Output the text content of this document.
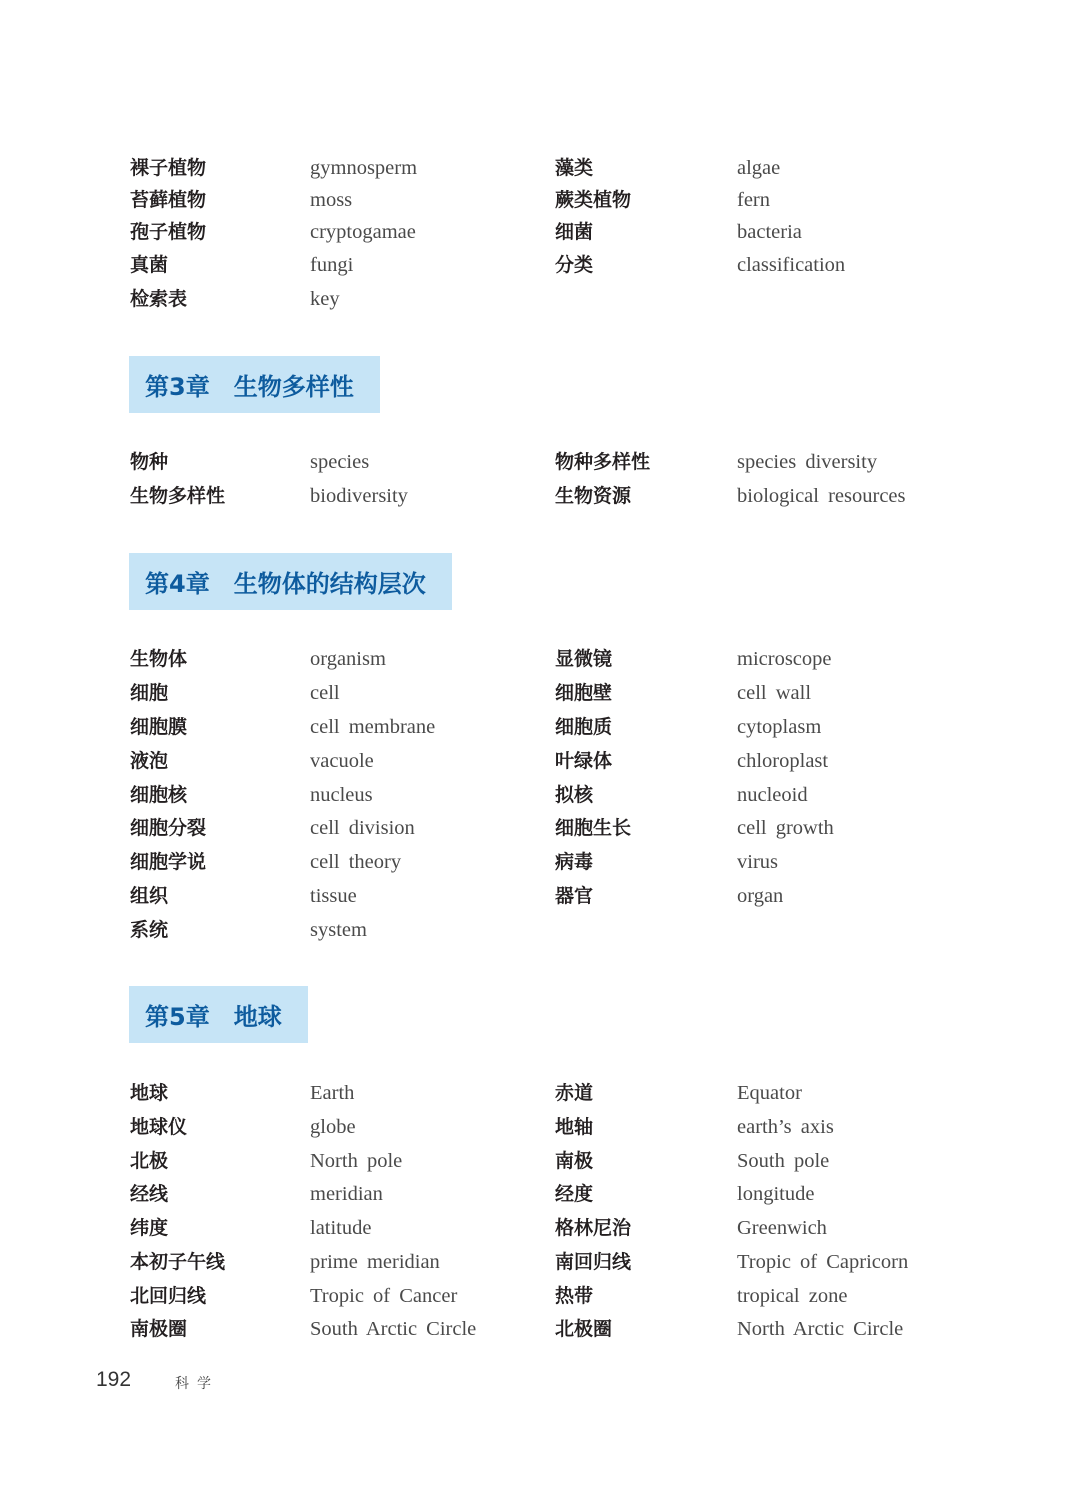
裸子植物	gymnosperm	藻类	algae
苔藓植物	moss	蕨类植物	fern
孢子植物	cryptogamae	细菌	bacteria
真菌	fungi	分类	classification
检索表	key
第3章　生物多样性
物种	species	物种多样性	species diversity
生物多样性	biodiversity	生物资源	biological resources
第4章　生物体的结构层次
生物体	organism	显微镜	microscope
细胞	cell	细胞壁	cell wall
细胞膜	cell membrane	细胞质	cytoplasm
液泡	vacuole	叶绿体	chloroplast
细胞核	nucleus	拟核	nucleoid
细胞分裂	cell division	细胞生长	cell growth
细胞学说	cell theory	病毒	virus
组织	tissue	器官	organ
系统	system
第5章　地球
地球	Earth	赤道	Equator
地球仪	globe	地轴	earth’s axis
北极	North pole	南极	South pole
经线	meridian	经度	longitude
纬度	latitude	格林尼治	Greenwich
本初子午线	prime meridian	南回归线	Tropic of Capricorn
北回归线	Tropic of Cancer	热带	tropical zone
南极圈	South Arctic Circle	北极圈	North Arctic Circle
192	科学
